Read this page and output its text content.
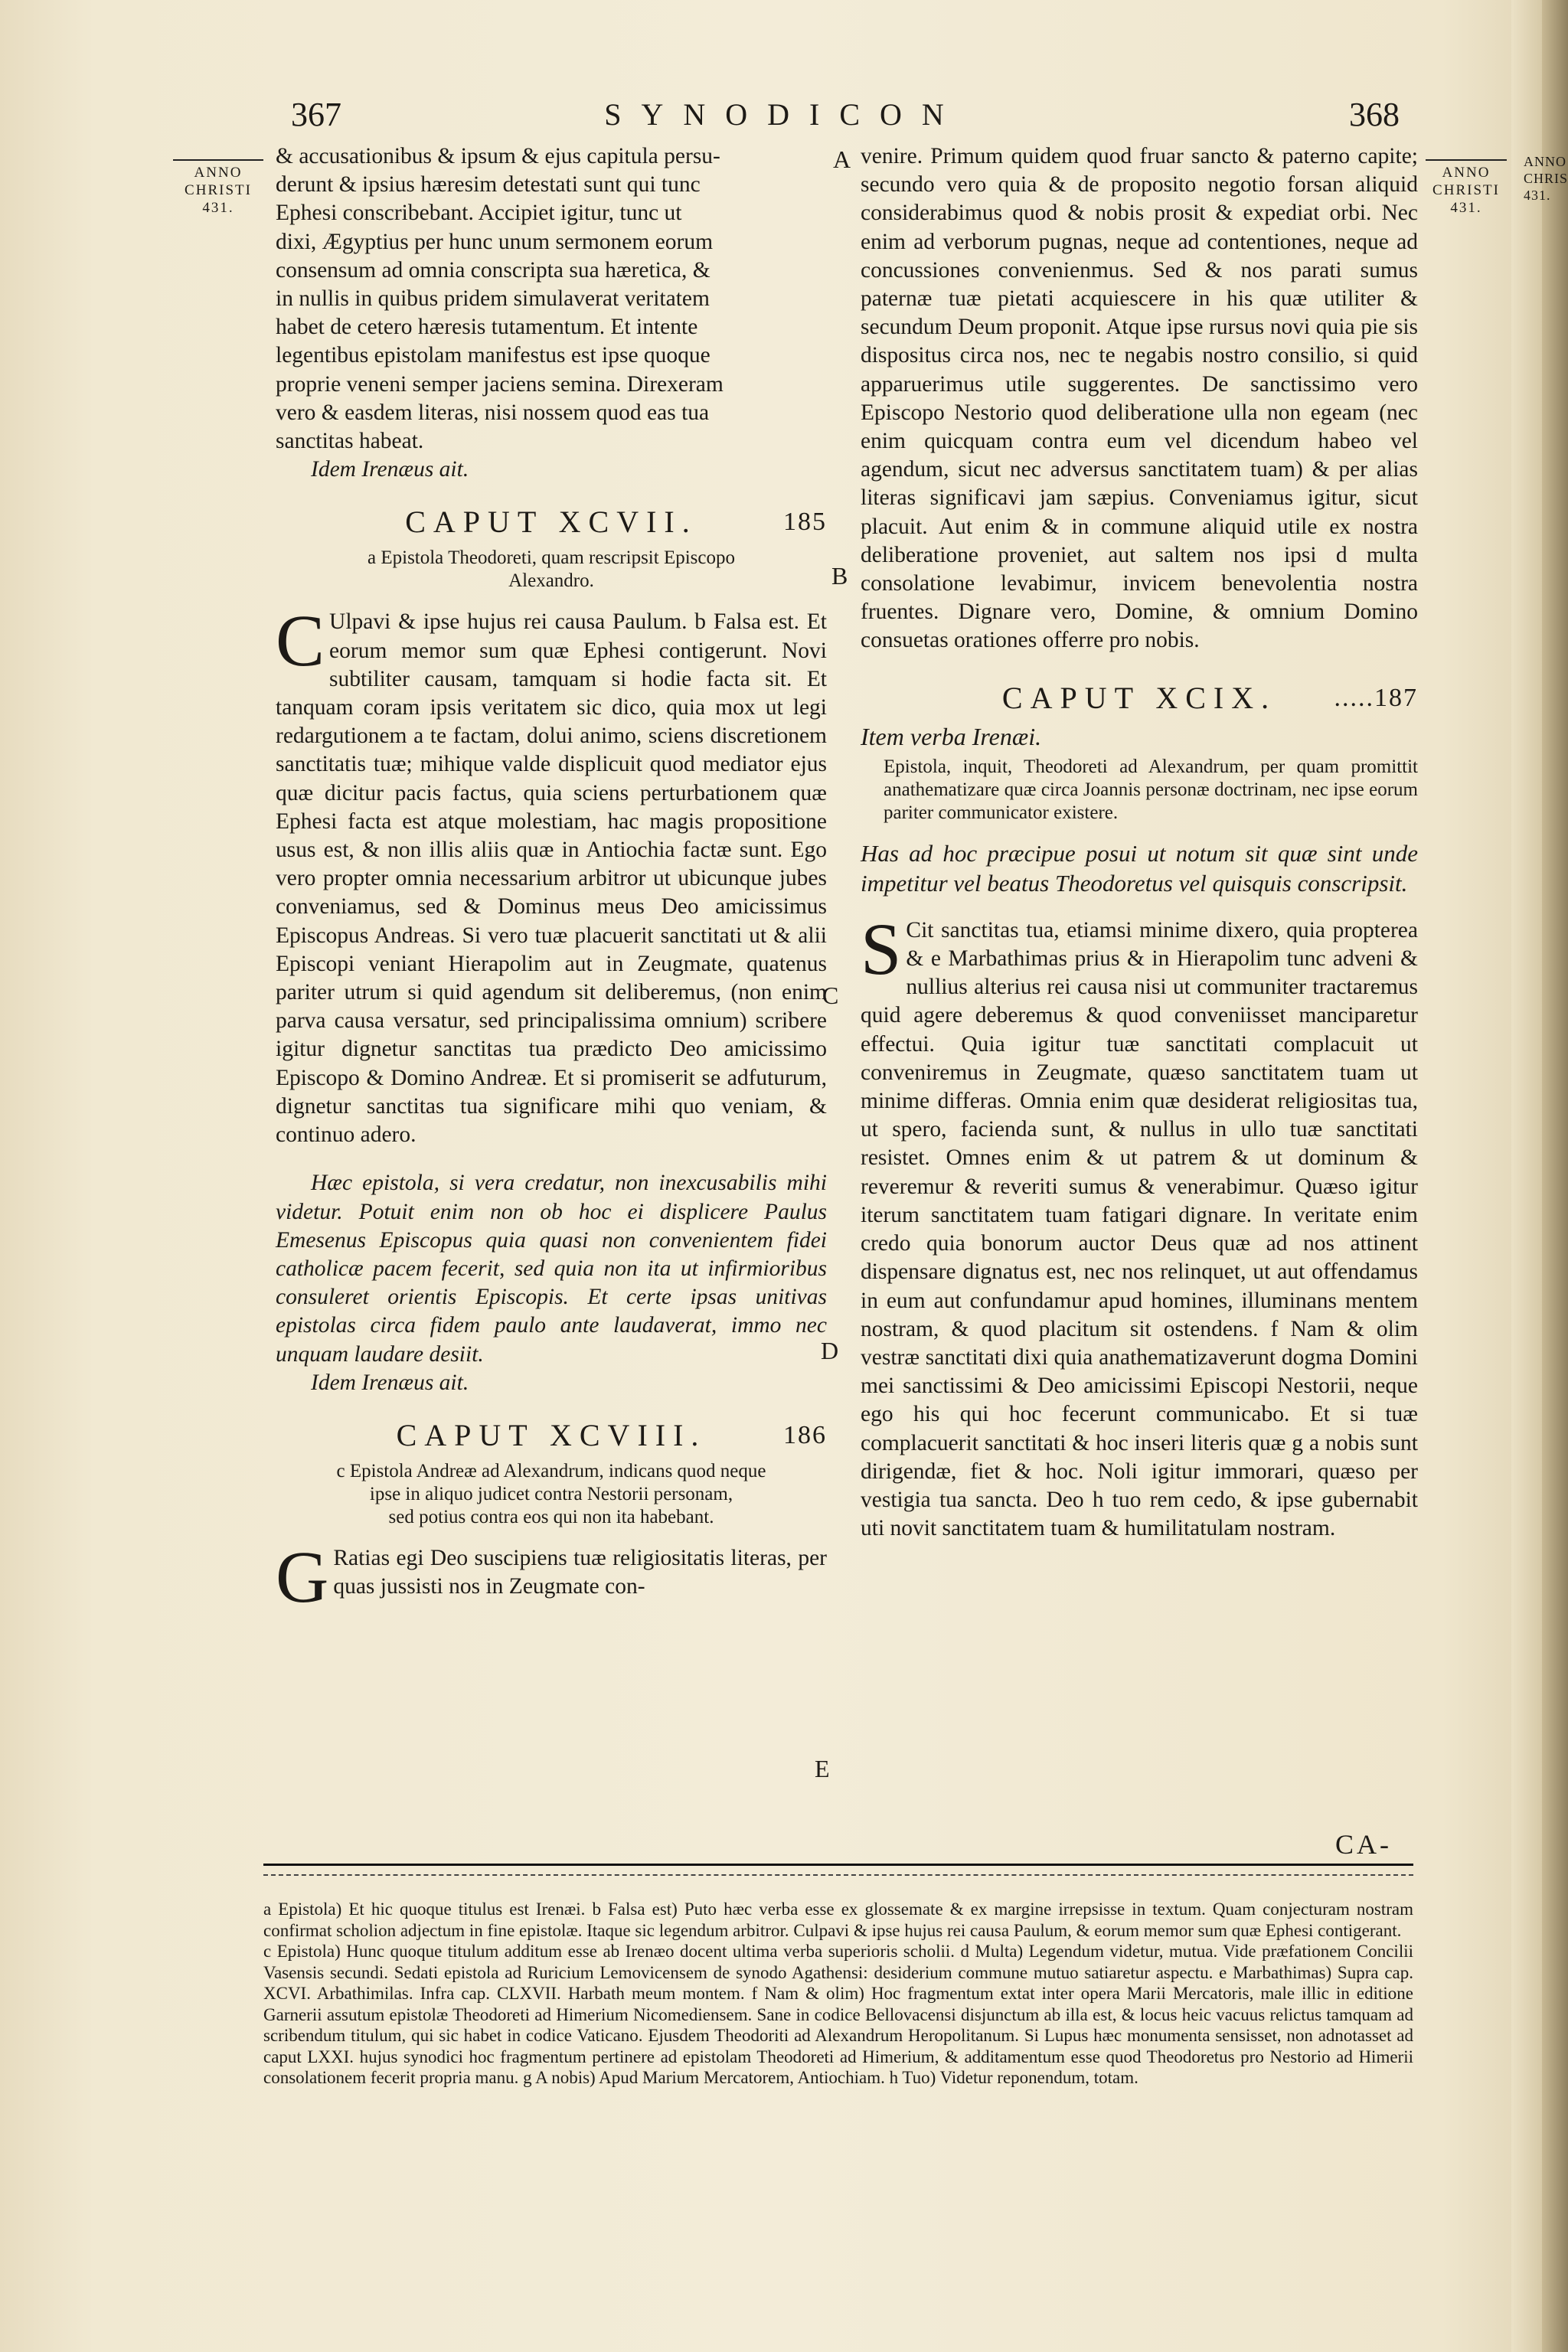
367	SYNODICON	368
ANNO
CHRISTI
431.
ANNO
CHRISTI
431.
ANNO
CHRIS
431.
A
B
C
D
E
& accusationibus & ipsum & ejus capitula persu-
derunt & ipsius hæresim detestati sunt qui tunc
Ephesi conscribebant. Accipiet igitur, tunc ut
dixi, Ægyptius per hunc unum sermonem eorum
consensum ad omnia conscripta sua hæretica, &
in nullis in quibus pridem simulaverat veritatem
habet de cetero hæresis tutamentum. Et intente
legentibus epistolam manifestus est ipse quoque
proprie veneni semper jaciens semina. Direxeram
vero & easdem literas, nisi nossem quod eas tua
sanctitas habeat.

Idem Irenæus ait.

CAPUT XCVII.	185
a Epistola Theodoreti, quam rescripsit Episcopo
Alexandro.

C Ulpavi & ipse hujus rei causa Paulum. b Falsa est. Et eorum memor sum quæ Ephesi contigerunt. Novi subtiliter causam, tamquam si hodie facta sit. Et tanquam coram ipsis veritatem sic dico, quia mox ut legi redargutionem a te factam, dolui animo, sciens discretionem sanctitatis tuæ; mihique valde displicuit quod mediator ejus quæ dicitur pacis factus, quia sciens perturbationem quæ Ephesi facta est atque molestiam, hac magis propositione usus est, & non illis aliis quæ in Antiochia factæ sunt. Ego vero propter omnia necessarium arbitror ut ubicunque jubes conveniamus, sed & Dominus meus Deo amicissimus Episcopus Andreas. Si vero tuæ placuerit sanctitati ut & alii Episcopi veniant Hierapolim aut in Zeugmate, quatenus pariter utrum si quid agendum sit deliberemus, (non enim parva causa versatur, sed principalissima omnium) scribere igitur dignetur sanctitas tua prædicto Deo amicissimo Episcopo & Domino Andreæ. Et si promiserit se adfuturum, dignetur sanctitas tua significare mihi quo veniam, & continuo adero.

Hæc epistola, si vera credatur, non inexcusabilis mihi videtur. Potuit enim non ob hoc ei displicere Paulus Emesenus Episcopus quia quasi non convenientem fidei catholicæ pacem fecerit, sed quia non ita ut infirmioribus consuleret orientis Episcopis. Et certe ipsas unitivas epistolas circa fidem paulo ante laudaverat, immo nec unquam laudare desiit.

Idem Irenæus ait.

CAPUT XCVIII.	186
c Epistola Andreæ ad Alexandrum, indicans quod neque
ipse in aliquo judicet contra Nestorii personam,
sed potius contra eos qui non ita habebant.

G Ratias egi Deo suscipiens tuæ religiositatis literas, per quas jussisti nos in Zeugmate con-

venire. Primum quidem quod fruar sancto & paterno capite; secundo vero quia & de proposito negotio forsan aliquid considerabimus quod & nobis prosit & expediat orbi. Nec enim ad verborum pugnas, neque ad contentiones, neque ad concussiones convenienmus. Sed & nos parati sumus paternæ tuæ pietati acquiescere in his quæ utiliter & secundum Deum proponit. Atque ipse rursus novi quia pie sis dispositus circa nos, nec te negabis nostro consilio, si quid apparuerimus utile suggerentes. De sanctissimo vero Episcopo Nestorio quod deliberatione ulla non egeam (nec enim quicquam contra eum vel dicendum habeo vel agendum, sicut nec adversus sanctitatem tuam) & per alias literas significavi jam sæpius. Conveniamus igitur, sicut placuit. Aut enim & in commune aliquid utile ex nostra deliberatione proveniet, aut saltem nos ipsi d multa consolatione levabimur, invicem benevolentia nostra fruentes. Dignare vero, Domine, & omnium Domino consuetas orationes offerre pro nobis.

CAPUT XCIX. .....187

Item verba Irenæi.

Epistola, inquit, Theodoreti ad Alexandrum, per quam promittit anathematizare quæ circa Joannis personæ doctrinam, nec ipse eorum pariter communicator existere.

Has ad hoc præcipue posui ut notum sit quæ sint unde impetitur vel beatus Theodoretus vel quisquis conscripsit.

S Cit sanctitas tua, etiamsi minime dixero, quia propterea & e Marbathimas prius & in Hierapolim tunc adveni & nullius alterius rei causa nisi ut communiter tractaremus quid agere deberemus & quod conveniisset manciparetur effectui. Quia igitur tuæ sanctitati complacuit ut conveniremus in Zeugmate, quæso sanctitatem tuam ut minime differas. Omnia enim quæ desiderat religiositas tua, ut spero, facienda sunt, & nullus in ullo tuæ sanctitati resistet. Omnes enim & ut patrem & ut dominum & reveremur & reveriti sumus & venerabimur. Quæso igitur iterum sanctitatem tuam fatigari dignare. In veritate enim credo quia bonorum auctor Deus quæ ad nos attinent dispensare dignatus est, nec nos relinquet, ut aut offendamus in eum aut confundamur apud homines, illuminans mentem nostram, & quod placitum sit ostendens. f Nam & olim vestræ sanctitati dixi quia anathematizaverunt dogma Domini mei sanctissimi & Deo amicissimi Episcopi Nestorii, neque ego his qui hoc fecerunt communicabo. Et si tuæ complacuerit sanctitati & hoc inseri literis quæ g a nobis sunt dirigendæ, fiet & hoc. Noli igitur immorari, quæso per vestigia tua sancta. Deo h tuo rem cedo, & ipse gubernabit uti novit sanctitatem tuam & humilitatulam nostram.

CA-

a Epistola) Et hic quoque titulus est Irenæi. b Falsa est) Puto hæc verba esse ex glossemate & ex margine irrepsisse in textum. Quam conjecturam nostram confirmat scholion adjectum in fine epistolæ. Itaque sic legendum arbitror. Culpavi & ipse hujus rei causa Paulum, & eorum memor sum quæ Ephesi contigerant.

c Epistola) Hunc quoque titulum additum esse ab Irenæo docent ultima verba superioris scholii. d Multa) Legendum videtur, mutua. Vide præfationem Concilii Vasensis secundi. Sedati epistola ad Ruricium Lemovicensem de synodo Agathensi: desiderium commune mutuo satiaretur aspectu. e Marbathimas) Supra cap. XCVI. Arbathimilas. Infra cap. CLXVII. Harbath meum montem. f Nam & olim) Hoc fragmentum extat inter opera Marii Mercatoris, male illic in editione Garnerii assutum epistolæ Theodoreti ad Himerium Nicomediensem. Sane in codice Bellovacensi disjunctum ab illa est, & locus heic vacuus relictus tamquam ad scribendum titulum, qui sic habet in codice Vaticano. Ejusdem Theodoriti ad Alexandrum Heropolitanum. Si Lupus hæc monumenta sensisset, non adnotasset ad caput LXXI. hujus synodici hoc fragmentum pertinere ad epistolam Theodoreti ad Himerium, & additamentum esse quod Theodoretus pro Nestorio ad Himerii consolationem fecerit propria manu. g A nobis) Apud Marium Mercatorem, Antiochiam. h Tuo) Videtur reponendum, totam.
